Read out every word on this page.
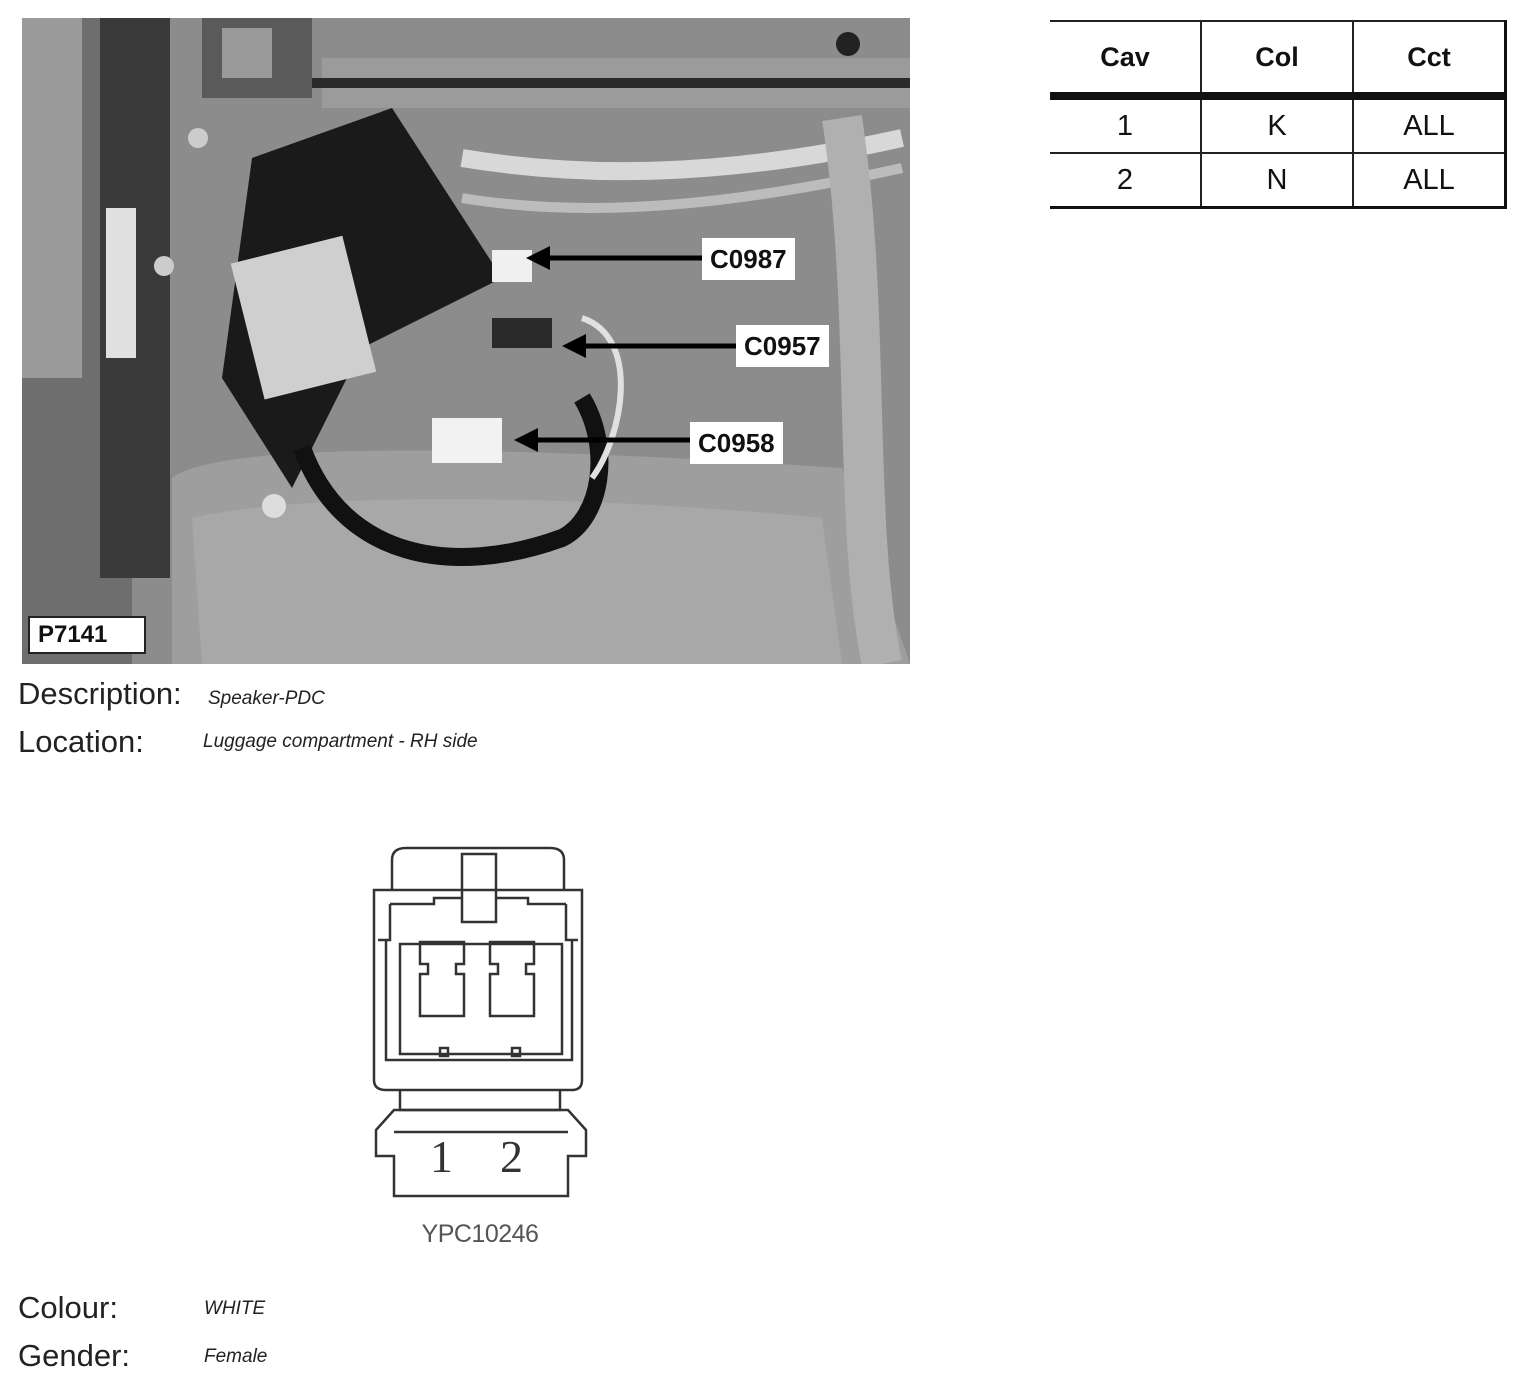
P7141
C0987
C0957
C0958
Cav	Col	Cct
1	K	ALL
2	N	ALL
Description: Speaker-PDC
Location:	Luggage compartment - RH side
1 2
YPC10246
Colour:	WHITE
Gender:	Female
